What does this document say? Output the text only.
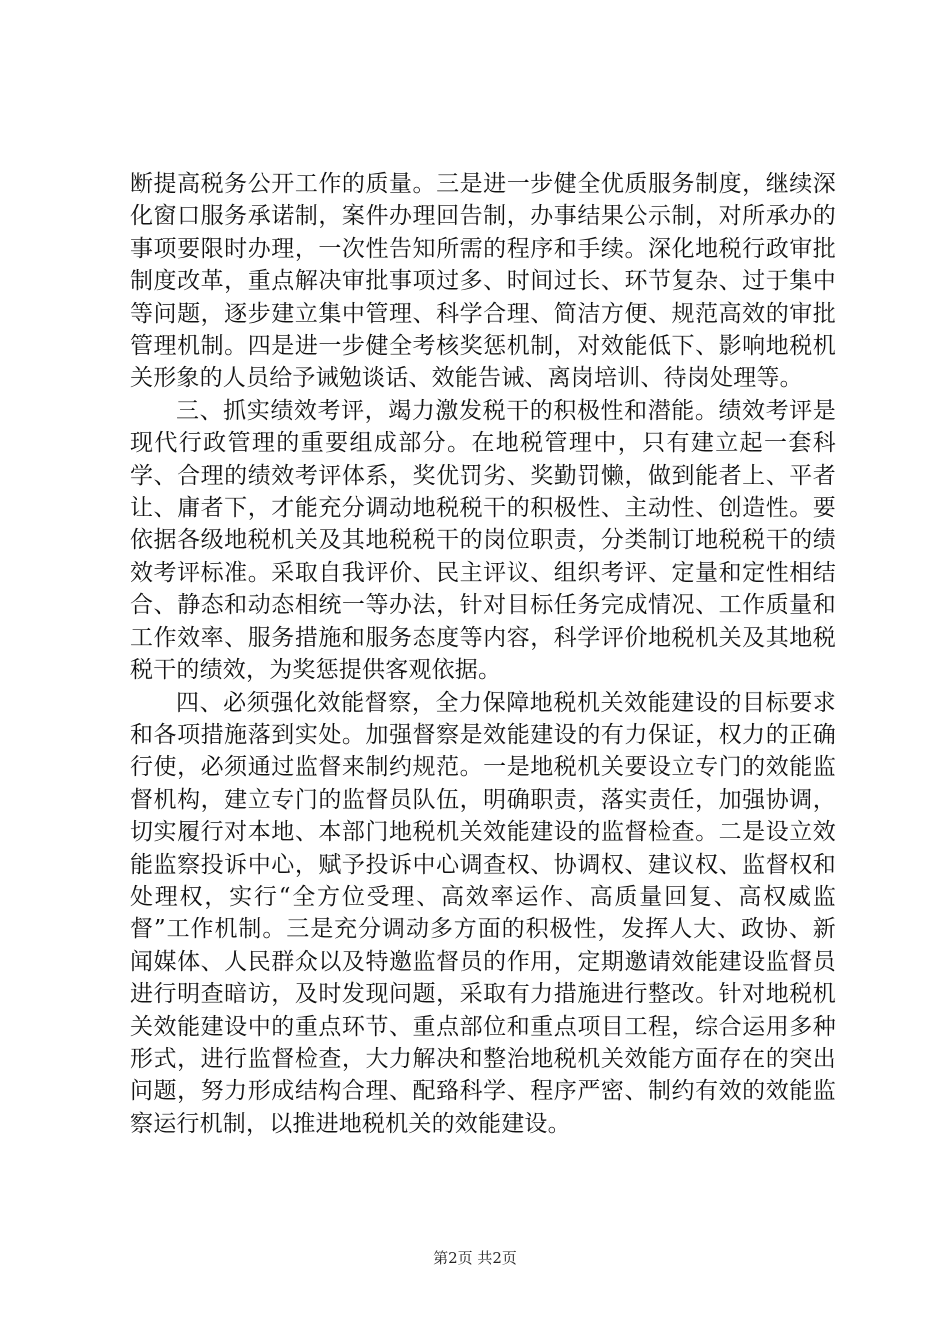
断提高税务公开工作的质量。三是进一步健全优质服务制度，继续深化窗口服务承诺制，案件办理回告制，办事结果公示制，对所承办的事项要限时办理，一次性告知所需的程序和手续。深化地税行政审批制度改革，重点解决审批事项过多、时间过长、环节复杂、过于集中等问题，逐步建立集中管理、科学合理、简洁方便、规范高效的审批管理机制。四是进一步健全考核奖惩机制，对效能低下、影响地税机关形象的人员给予诫勉谈话、效能告诫、离岗培训、待岗处理等。

三、抓实绩效考评，竭力激发税干的积极性和潜能。绩效考评是现代行政管理的重要组成部分。在地税管理中，只有建立起一套科学、合理的绩效考评体系，奖优罚劣、奖勤罚懒，做到能者上、平者让、庸者下，才能充分调动地税税干的积极性、主动性、创造性。要依据各级地税机关及其地税税干的岗位职责，分类制订地税税干的绩效考评标准。采取自我评价、民主评议、组织考评、定量和定性相结合、静态和动态相统一等办法，针对目标任务完成情况、工作质量和工作效率、服务措施和服务态度等内容，科学评价地税机关及其地税税干的绩效，为奖惩提供客观依据。

四、必须强化效能督察，全力保障地税机关效能建设的目标要求和各项措施落到实处。加强督察是效能建设的有力保证，权力的正确行使，必须通过监督来制约规范。一是地税机关要设立专门的效能监督机构，建立专门的监督员队伍，明确职责，落实责任，加强协调，切实履行对本地、本部门地税机关效能建设的监督检查。二是设立效能监察投诉中心，赋予投诉中心调查权、协调权、建议权、监督权和处理权，实行“全方位受理、高效率运作、高质量回复、高权威监督”工作机制。三是充分调动多方面的积极性，发挥人大、政协、新闻媒体、人民群众以及特邀监督员的作用，定期邀请效能建设监督员进行明查暗访，及时发现问题，采取有力措施进行整改。针对地税机关效能建设中的重点环节、重点部位和重点项目工程，综合运用多种形式，进行监督检查，大力解决和整治地税机关效能方面存在的突出问题，努力形成结构合理、配臵科学、程序严密、制约有效的效能监察运行机制，以推进地税机关的效能建设。

第2页 共2页
